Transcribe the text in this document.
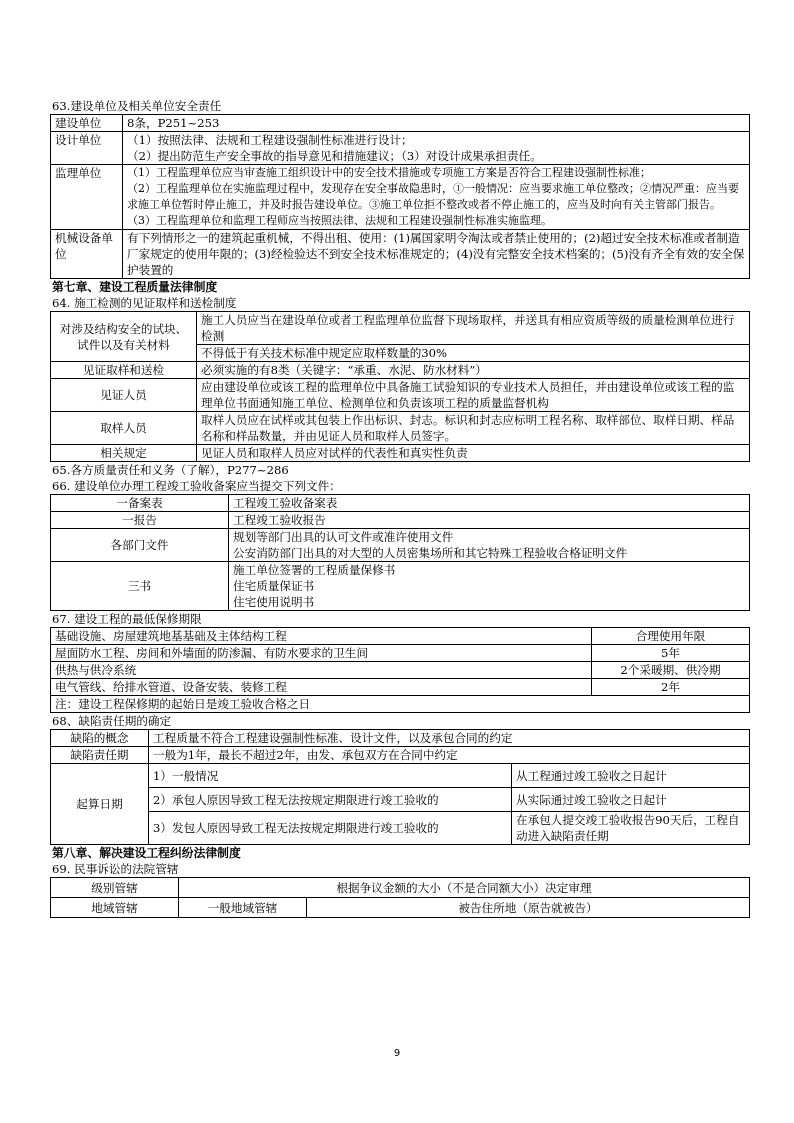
63.建设单位及相关单位安全责任
建设单位	8条，P251~253

设计单位	（1）按照法律、法规和工程建设强制性标准进行设计；
（2）提出防范生产安全事故的指导意见和措施建议；（3）对设计成果承担责任。

监理单位	（1）工程监理单位应当审查施工组织设计中的安全技术措施或专项施工方案是否符合工程建设强制性标准；
（2）工程监理单位在实施监理过程中，发现存在安全事故隐患时，①一般情况：应当要求施工单位整改；②情况严重：应当要求施工单位暂时停止施工，并及时报告建设单位。③施工单位拒不整改或者不停止施工的，应当及时向有关主管部门报告。
（3）工程监理单位和监理工程师应当按照法律、法规和工程建设强制性标准实施监理。

机械设备单位	有下列情形之一的建筑起重机械，不得出租、使用：(1)属国家明令淘汰或者禁止使用的；(2)超过安全技术标准或者制造厂家规定的使用年限的；(3)经检验达不到安全技术标准规定的；(4)没有完整安全技术档案的；(5)没有齐全有效的安全保护装置的
第七章、建设工程质量法律制度
64. 施工检测的见证取样和送检制度
对涉及结构安全的试块、试件以及有关材料	施工人员应当在建设单位或者工程监理单位监督下现场取样，并送具有相应资质等级的质量检测单位进行检测
	不得低于有关技术标准中规定应取样数量的30%
见证取样和送检	必须实施的有8类（关键字：“承重、水泥、防水材料”）
见证人员	应由建设单位或该工程的监理单位中具备施工试验知识的专业技术人员担任，并由建设单位或该工程的监理单位书面通知施工单位、检测单位和负责该项工程的质量监督机构
取样人员	取样人员应在试样或其包装上作出标识、封志。标识和封志应标明工程名称、取样部位、取样日期、样品名称和样品数量，并由见证人员和取样人员签字。
相关规定	见证人员和取样人员应对试样的代表性和真实性负责
65.各方质量责任和义务（了解），P277~286
66. 建设单位办理工程竣工验收备案应当提交下列文件：
一备案表	工程竣工验收备案表

一报告	工程竣工验收报告

各部门文件	规划等部门出具的认可文件或准许使用文件
公安消防部门出具的对大型的人员密集场所和其它特殊工程验收合格证明文件

三书	施工单位签署的工程质量保修书
住宅质量保证书
住宅使用说明书
67. 建设工程的最低保修期限
基础设施、房屋建筑地基基础及主体结构工程	合理使用年限
屋面防水工程、房间和外墙面的防渗漏、有防水要求的卫生间	5年
供热与供冷系统	2个采暖期、供冷期
电气管线、给排水管道、设备安装、装修工程	2年
注：建设工程保修期的起始日是竣工验收合格之日	
68、缺陷责任期的确定
缺陷的概念	工程质量不符合工程建设强制性标准、设计文件，以及承包合同的约定	
缺陷责任期	一般为1年，最长不超过2年，由发、承包双方在合同中约定	
起算日期	1）一般情况	从工程通过竣工验收之日起计
	2）承包人原因导致工程无法按规定期限进行竣工验收的	从实际通过竣工验收之日起计
	3）发包人原因导致工程无法按规定期限进行竣工验收的	在承包人提交竣工验收报告90天后，工程自动进入缺陷责任期
第八章、解决建设工程纠纷法律制度
69. 民事诉讼的法院管辖
级别管辖	根据争议金额的大小（不是合同额大小）决定审理	
地域管辖	一般地域管辖	被告住所地（原告就被告）
9
